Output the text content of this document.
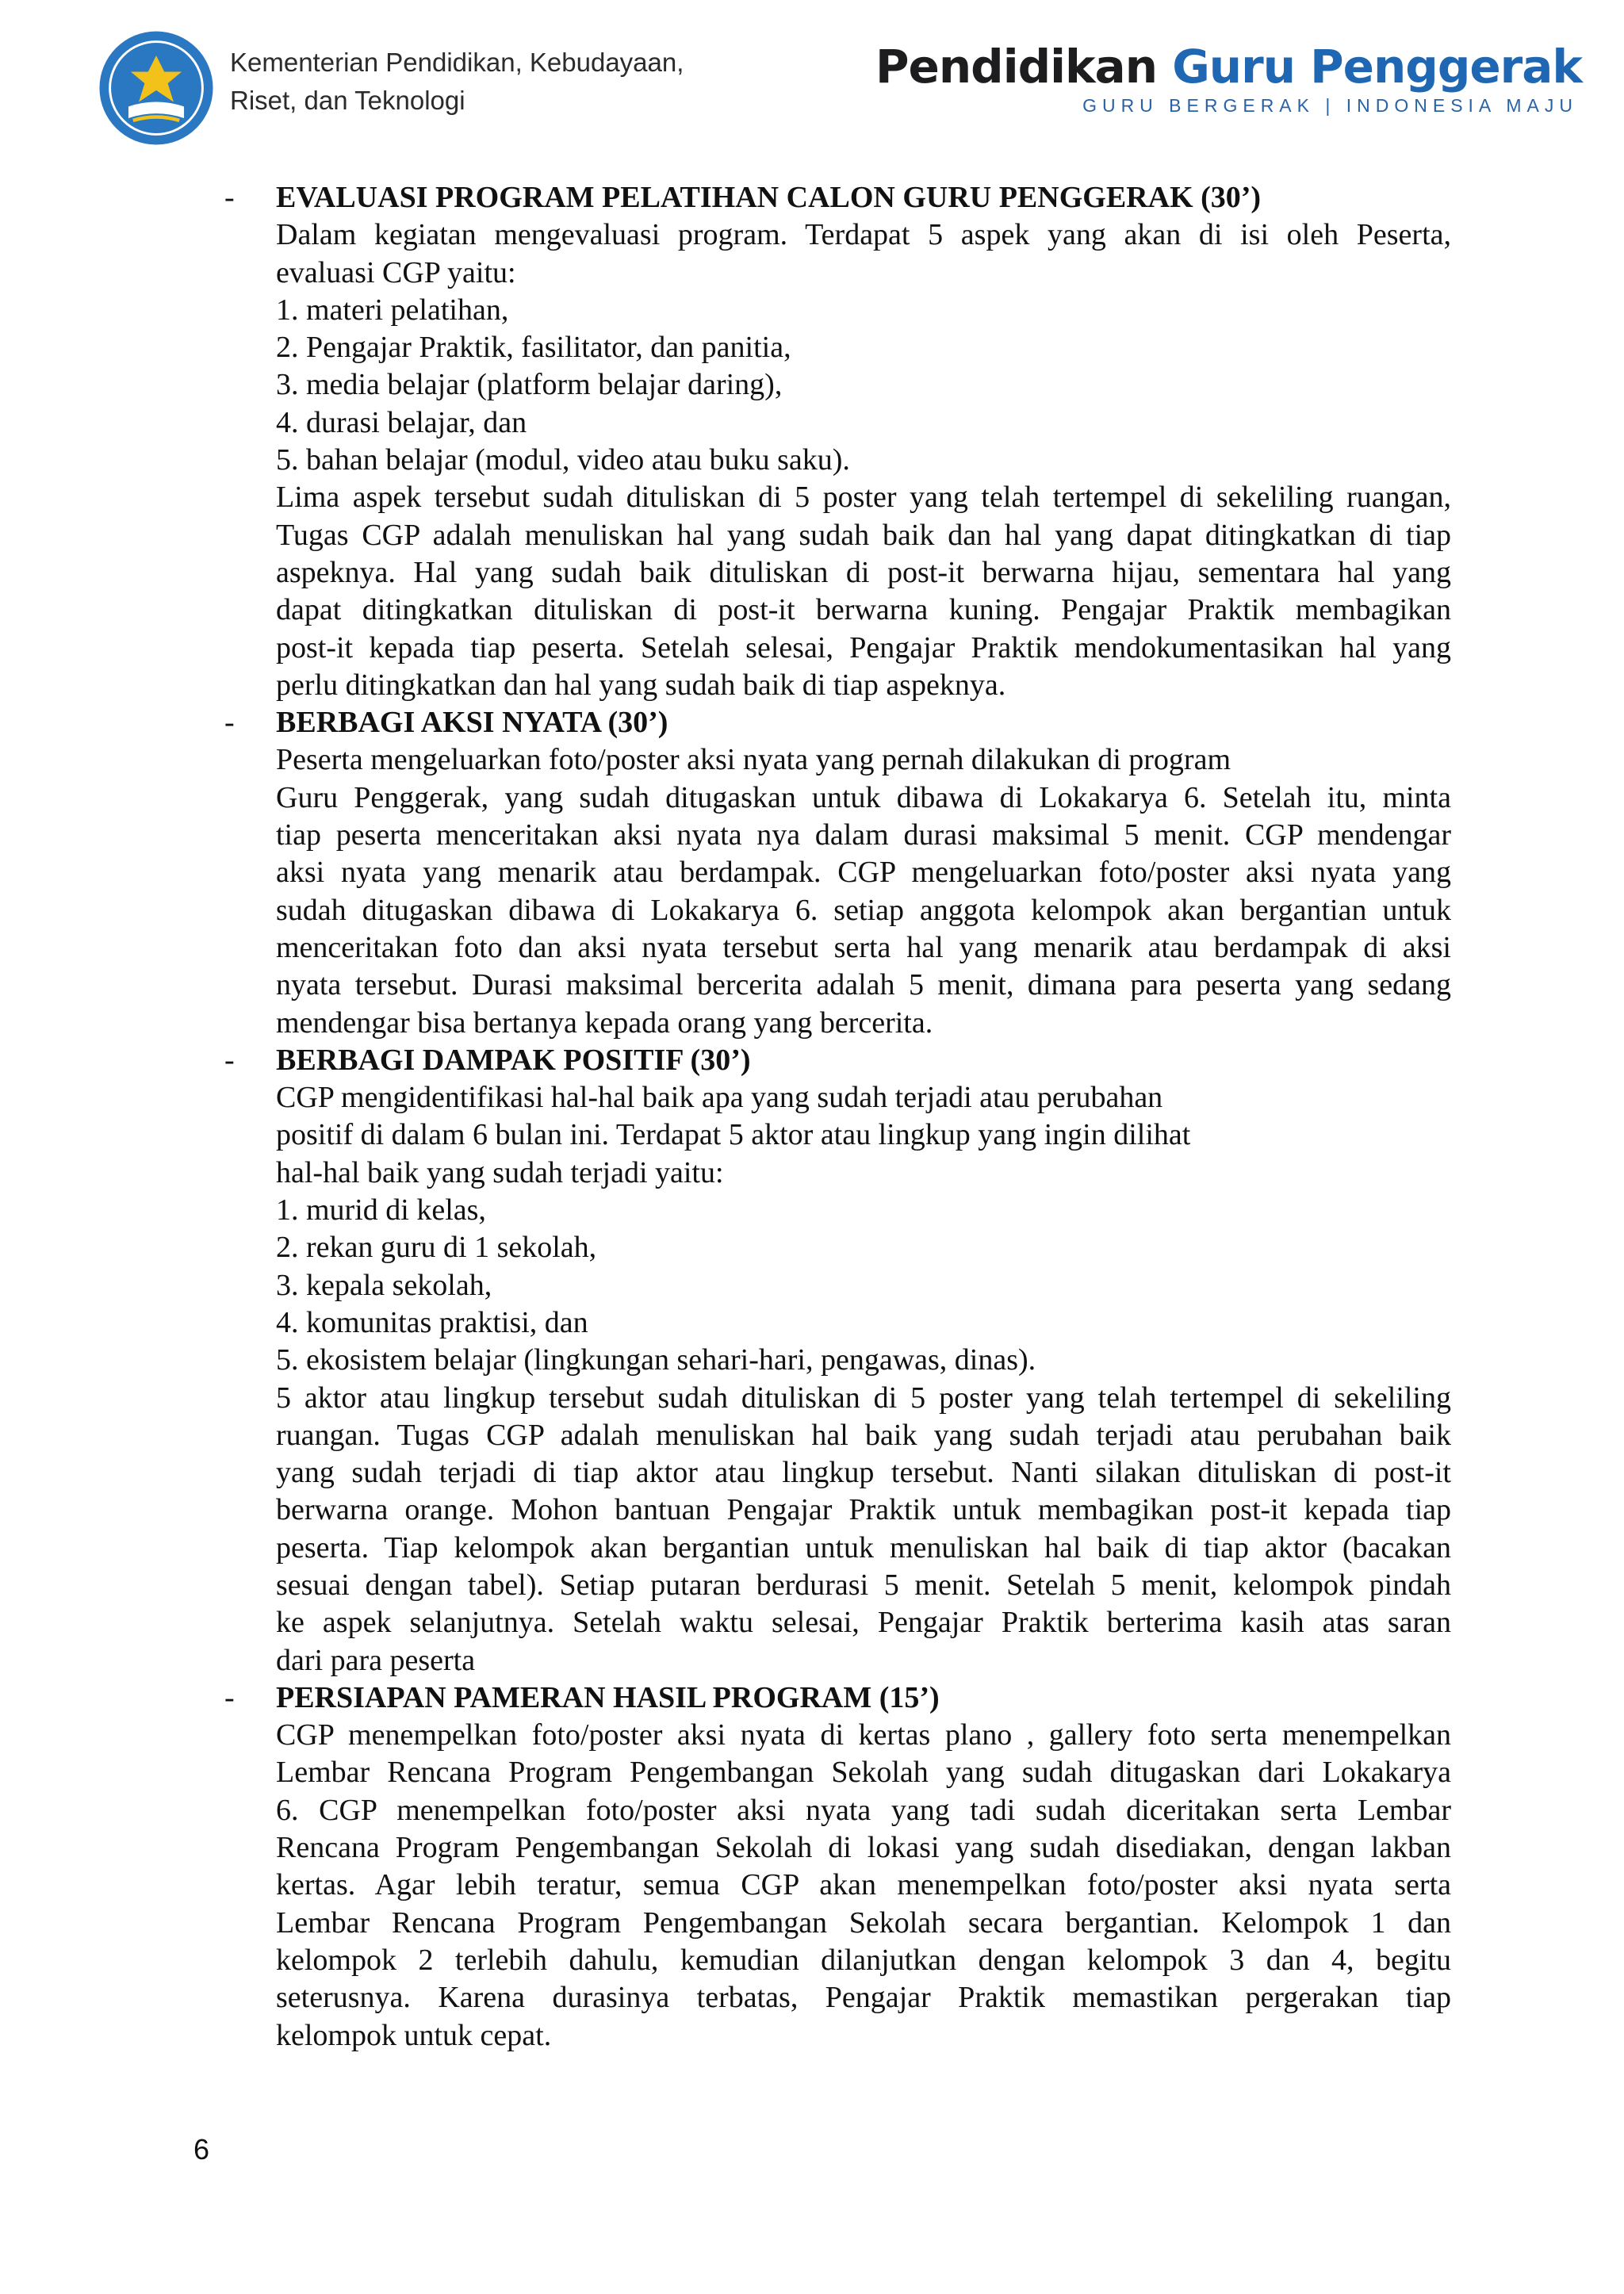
Kementerian Pendidikan, Kebudayaan,
Riset, dan Teknologi
Pendidikan Guru Penggerak
GURU BERGERAK | INDONESIA MAJU
- EVALUASI PROGRAM PELATIHAN CALON GURU PENGGERAK (30’)
Dalam kegiatan mengevaluasi program. Terdapat 5 aspek yang akan di isi oleh Peserta,
evaluasi CGP yaitu:
1. materi pelatihan,
2. Pengajar Praktik, fasilitator, dan panitia,
3. media belajar (platform belajar daring),
4. durasi belajar, dan
5. bahan belajar (modul, video atau buku saku).
Lima aspek tersebut sudah dituliskan di 5 poster yang telah tertempel di sekeliling ruangan,
Tugas CGP adalah menuliskan hal yang sudah baik dan hal yang dapat ditingkatkan di tiap
aspeknya. Hal yang sudah baik dituliskan di post-it berwarna hijau, sementara hal yang
dapat ditingkatkan dituliskan di post-it berwarna kuning. Pengajar Praktik membagikan
post-it kepada tiap peserta. Setelah selesai, Pengajar Praktik mendokumentasikan hal yang
perlu ditingkatkan dan hal yang sudah baik di tiap aspeknya.
- BERBAGI AKSI NYATA (30’)
Peserta mengeluarkan foto/poster aksi nyata yang pernah dilakukan di program
Guru Penggerak, yang sudah ditugaskan untuk dibawa di Lokakarya 6. Setelah itu, minta
tiap peserta menceritakan aksi nyata nya dalam durasi maksimal 5 menit. CGP mendengar
aksi nyata yang menarik atau berdampak. CGP mengeluarkan foto/poster aksi nyata yang
sudah ditugaskan dibawa di Lokakarya 6. setiap anggota kelompok akan bergantian untuk
menceritakan foto dan aksi nyata tersebut serta hal yang menarik atau berdampak di aksi
nyata tersebut. Durasi maksimal bercerita adalah 5 menit, dimana para peserta yang sedang
mendengar bisa bertanya kepada orang yang bercerita.
- BERBAGI DAMPAK POSITIF (30’)
CGP mengidentifikasi hal-hal baik apa yang sudah terjadi atau perubahan
positif di dalam 6 bulan ini. Terdapat 5 aktor atau lingkup yang ingin dilihat
hal-hal baik yang sudah terjadi yaitu:
1. murid di kelas,
2. rekan guru di 1 sekolah,
3. kepala sekolah,
4. komunitas praktisi, dan
5. ekosistem belajar (lingkungan sehari-hari, pengawas, dinas).
5 aktor atau lingkup tersebut sudah dituliskan di 5 poster yang telah tertempel di sekeliling
ruangan. Tugas CGP adalah menuliskan hal baik yang sudah terjadi atau perubahan baik
yang sudah terjadi di tiap aktor atau lingkup tersebut. Nanti silakan dituliskan di post-it
berwarna orange. Mohon bantuan Pengajar Praktik untuk membagikan post-it kepada tiap
peserta. Tiap kelompok akan bergantian untuk menuliskan hal baik di tiap aktor (bacakan
sesuai dengan tabel). Setiap putaran berdurasi 5 menit. Setelah 5 menit, kelompok pindah
ke aspek selanjutnya. Setelah waktu selesai, Pengajar Praktik berterima kasih atas saran
dari para peserta
- PERSIAPAN PAMERAN HASIL PROGRAM (15’)
CGP menempelkan foto/poster aksi nyata di kertas plano , gallery foto serta menempelkan
Lembar Rencana Program Pengembangan Sekolah yang sudah ditugaskan dari Lokakarya
6. CGP menempelkan foto/poster aksi nyata yang tadi sudah diceritakan serta Lembar
Rencana Program Pengembangan Sekolah di lokasi yang sudah disediakan, dengan lakban
kertas. Agar lebih teratur, semua CGP akan menempelkan foto/poster aksi nyata serta
Lembar Rencana Program Pengembangan Sekolah secara bergantian. Kelompok 1 dan
kelompok 2 terlebih dahulu, kemudian dilanjutkan dengan kelompok 3 dan 4, begitu
seterusnya. Karena durasinya terbatas, Pengajar Praktik memastikan pergerakan tiap
kelompok untuk cepat.
6
